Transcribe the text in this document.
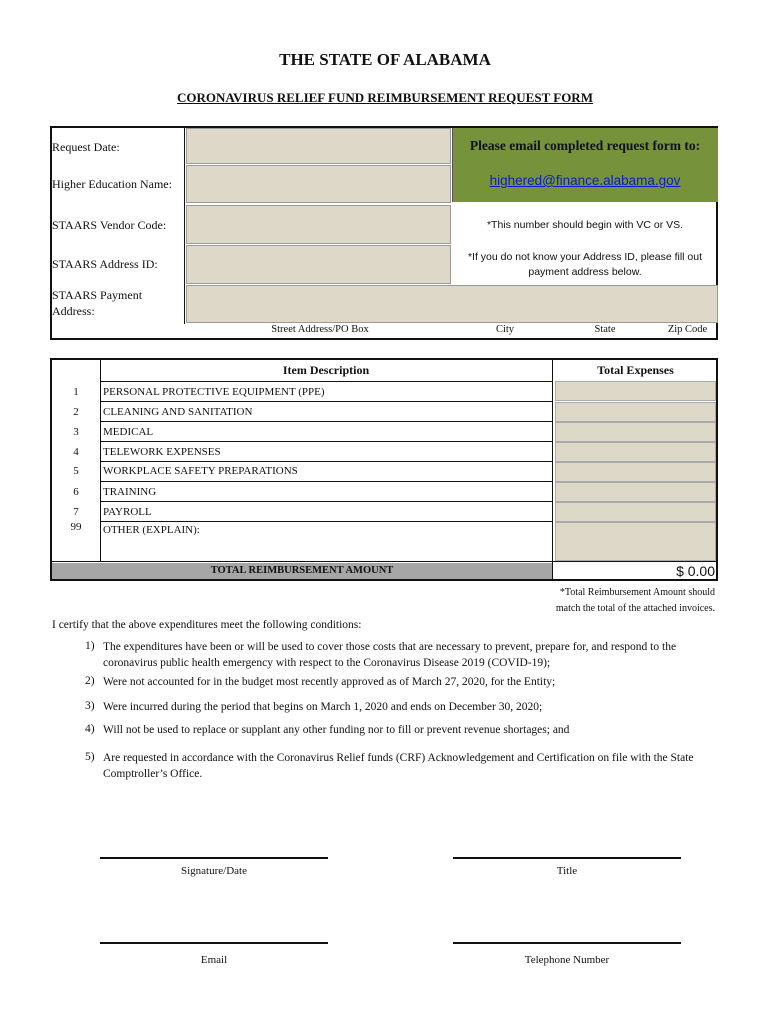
THE STATE OF ALABAMA
CORONAVIRUS RELIEF FUND REIMBURSEMENT REQUEST FORM
Request Date:
Higher Education Name:
STAARS Vendor Code:
STAARS Address ID:
STAARS Payment
Address:
Street Address/PO Box	City	State	Zip Code
Please email completed request form to:
highered@finance.alabama.gov
*This number should begin with VC or VS.
*If you do not know your Address ID, please fill out
payment address below.
Item Description	Total Expenses
1	PERSONAL PROTECTIVE EQUIPMENT (PPE)
2	CLEANING AND SANITATION
3	MEDICAL
4	TELEWORK EXPENSES
5	WORKPLACE SAFETY PREPARATIONS
6	TRAINING
7	PAYROLL
99	OTHER (EXPLAIN):
TOTAL REIMBURSEMENT AMOUNT	$ 0.00
*Total Reimbursement Amount should
match the total of the attached invoices.
I certify that the above expenditures meet the following conditions:
1) The expenditures have been or will be used to cover those costs that are necessary to prevent, prepare for, and respond to the coronavirus public health emergency with respect to the Coronavirus Disease 2019 (COVID-19);
2) Were not accounted for in the budget most recently approved as of March 27, 2020, for the Entity;
3) Were incurred during the period that begins on March 1, 2020 and ends on December 30, 2020;
4) Will not be used to replace or supplant any other funding nor to fill or prevent revenue shortages; and
5) Are requested in accordance with the Coronavirus Relief funds (CRF) Acknowledgement and Certification on file with the State Comptroller’s Office.
Signature/Date	Title
Email	Telephone Number
